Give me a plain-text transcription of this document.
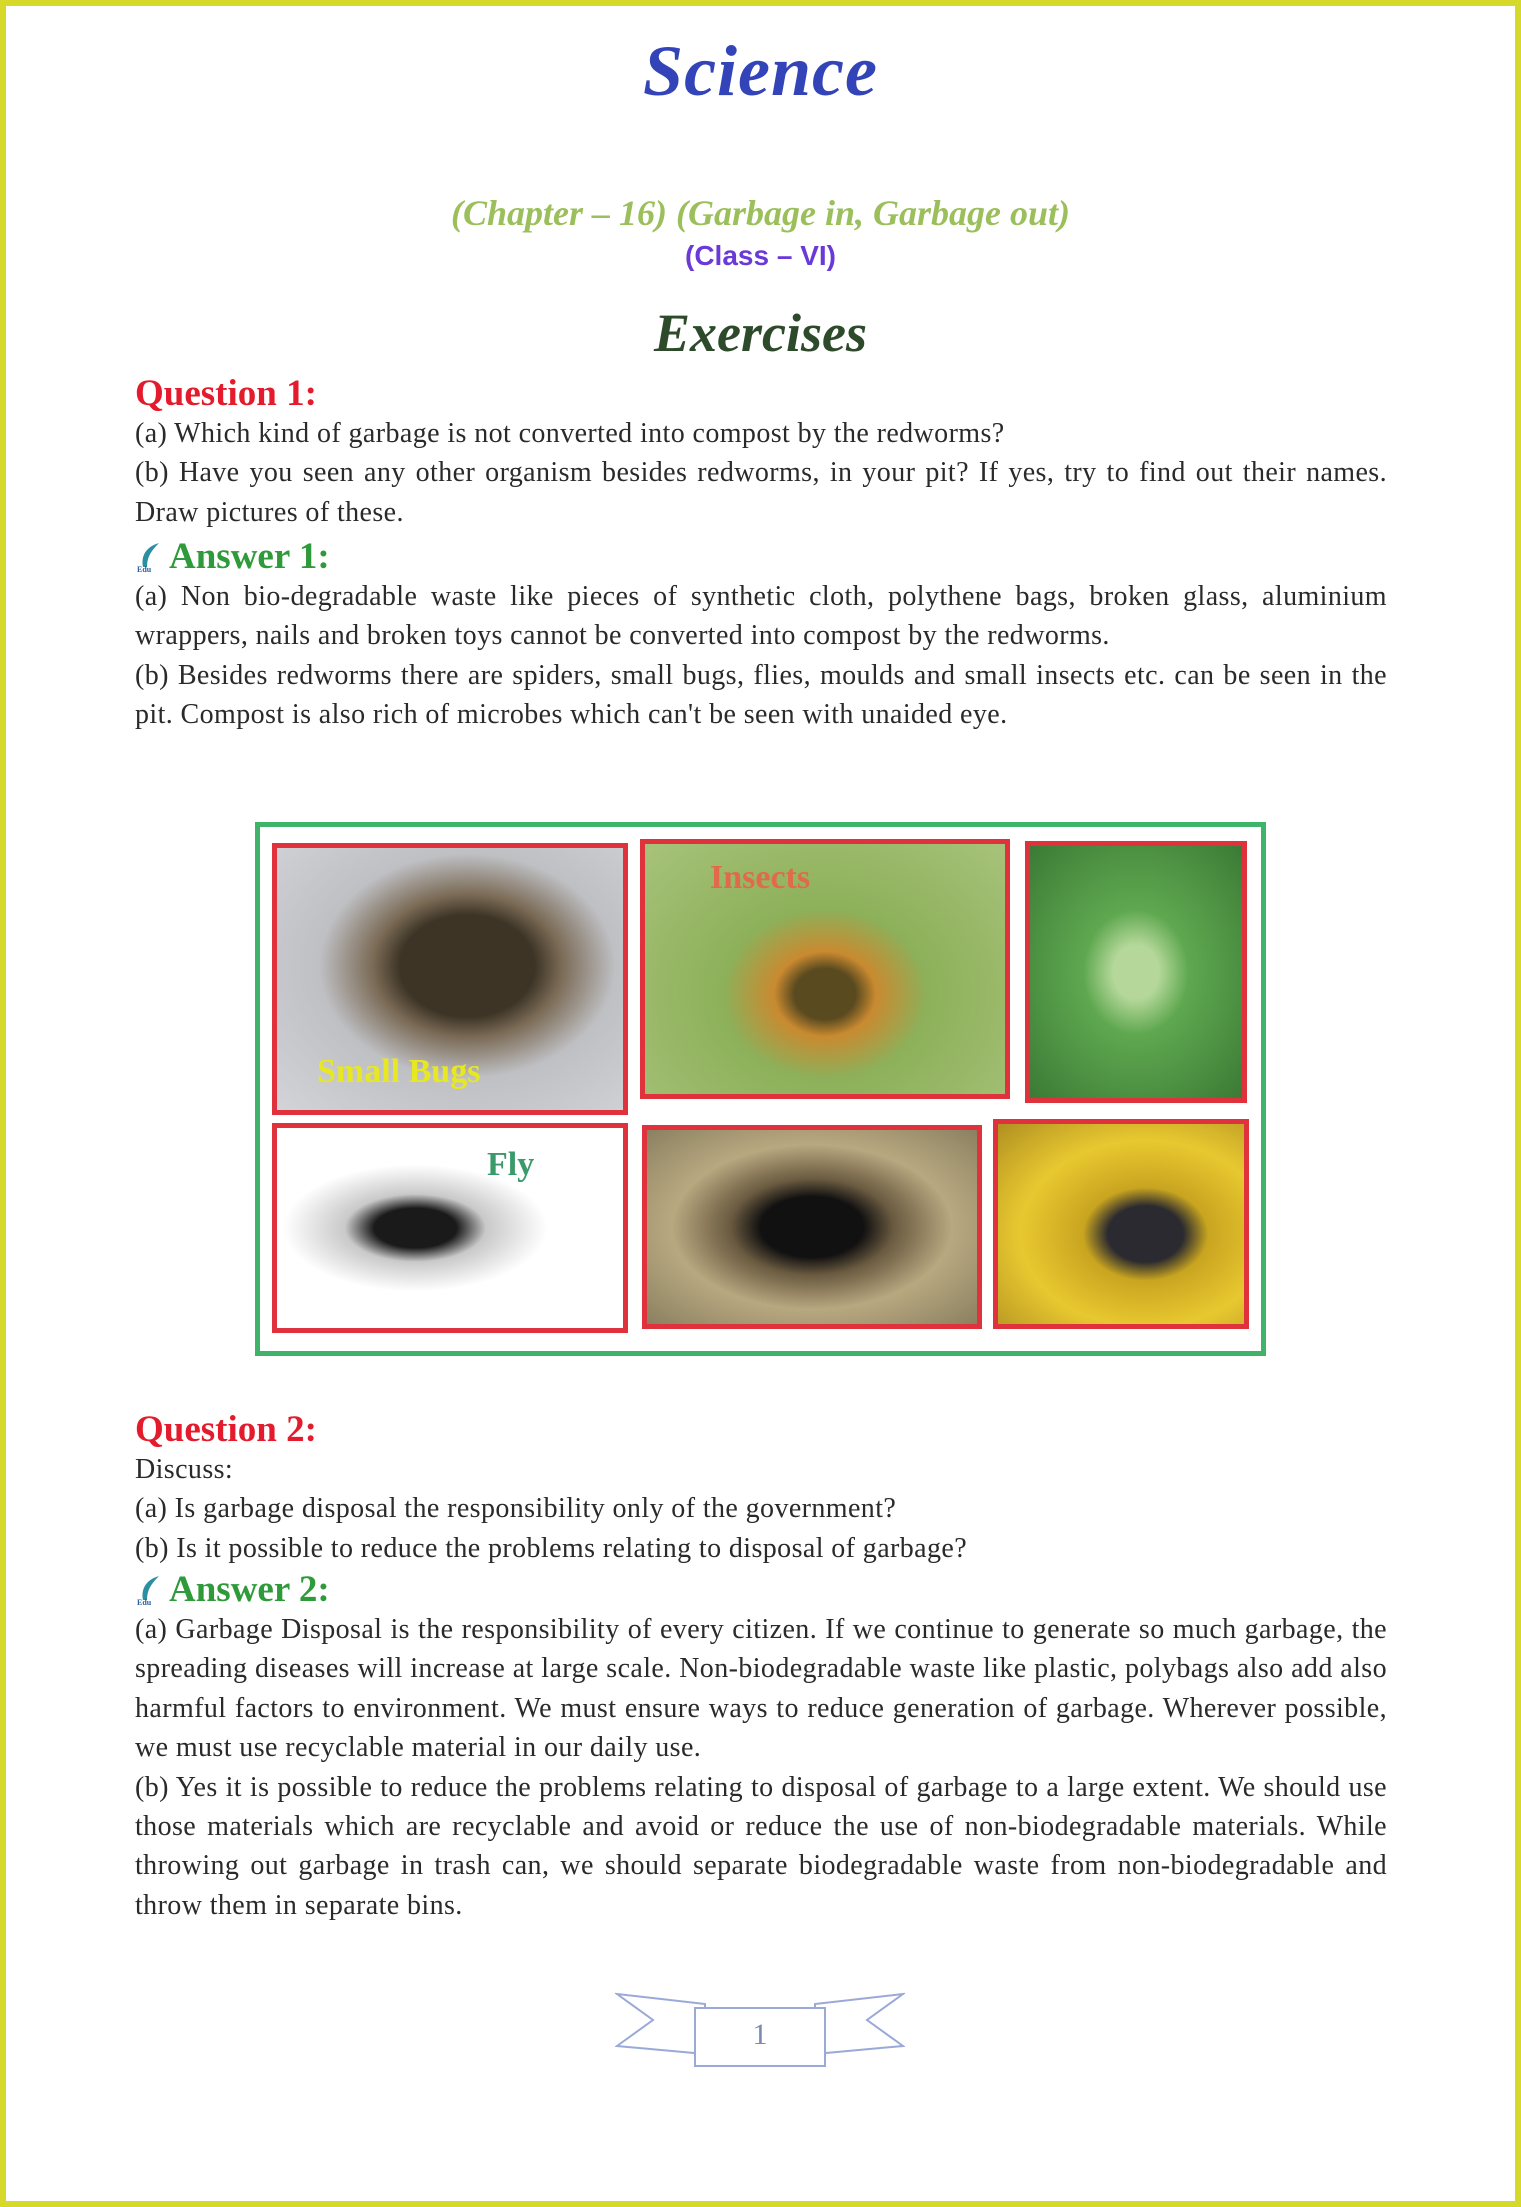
Science
(Chapter – 16) (Garbage in, Garbage out)
(Class – VI)
Exercises
Question 1:

(a) Which kind of garbage is not converted into compost by the redworms?

(b) Have you seen any other organism besides redworms, in your pit? If yes, try to find out their names. Draw pictures of these.

Edu Answer 1:

(a) Non bio-degradable waste like pieces of synthetic cloth, polythene bags, broken glass, aluminium wrappers, nails and broken toys cannot be converted into compost by the redworms.

(b) Besides redworms there are spiders, small bugs, flies, moulds and small insects etc. can be seen in the pit. Compost is also rich of microbes which can't be seen with unaided eye.

Small Bugs
Insects
Fly
Question 2:

Discuss:

(a) Is garbage disposal the responsibility only of the government?

(b) Is it possible to reduce the problems relating to disposal of garbage?

Edu Answer 2:

(a) Garbage Disposal is the responsibility of every citizen. If we continue to generate so much garbage, the spreading diseases will increase at large scale. Non-biodegradable waste like plastic, polybags also add also harmful factors to environment. We must ensure ways to reduce generation of garbage. Wherever possible, we must use recyclable material in our daily use.

(b) Yes it is possible to reduce the problems relating to disposal of garbage to a large extent. We should use those materials which are recyclable and avoid or reduce the use of non-biodegradable materials. While throwing out garbage in trash can, we should separate biodegradable waste from non-biodegradable and throw them in separate bins.

1
